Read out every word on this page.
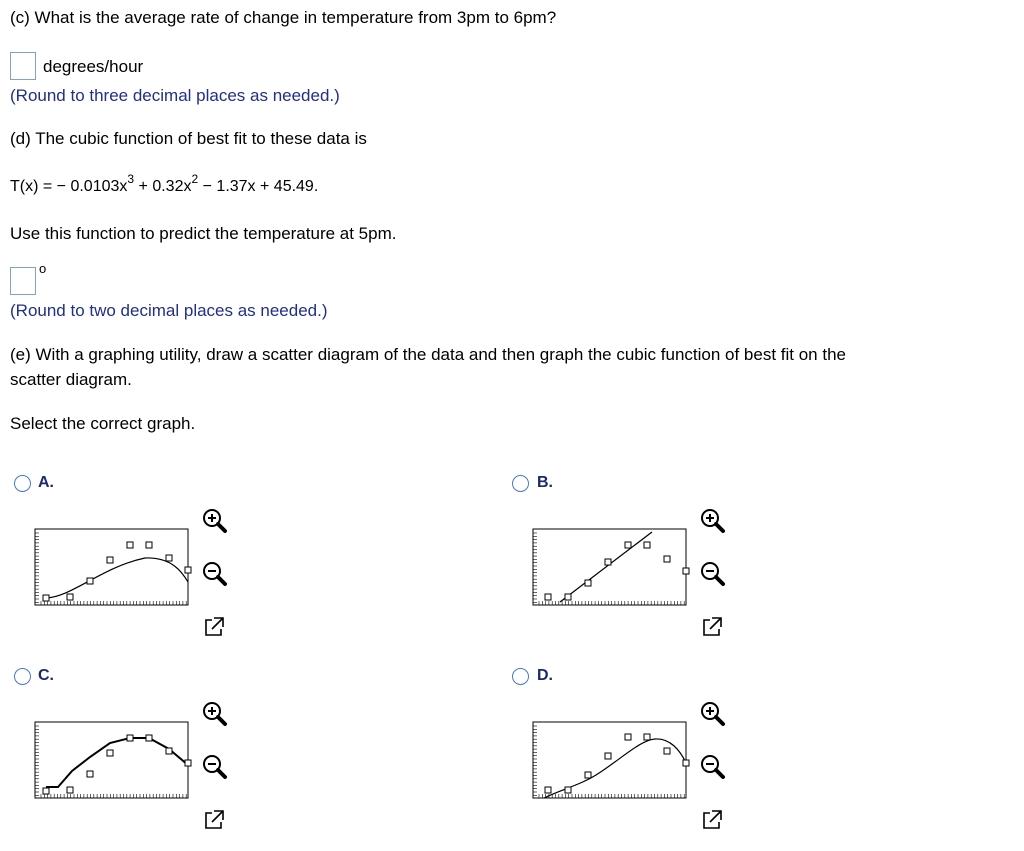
(c) What is the average rate of change in temperature from 3pm to 6pm?
degrees/hour
(Round to three decimal places as needed.)
(d) The cubic function of best fit to these data is
T(x) = − $0.0103x^3 + 0.32x^2 - 1.37x + 45.49$.
Use this function to predict the temperature at 5pm.
o
(Round to two decimal places as needed.)
(e) With a graphing utility, draw a scatter diagram of the data and then graph the cubic function of best fit on the
scatter diagram.
Select the correct graph.
A.	B.
C.	D.
